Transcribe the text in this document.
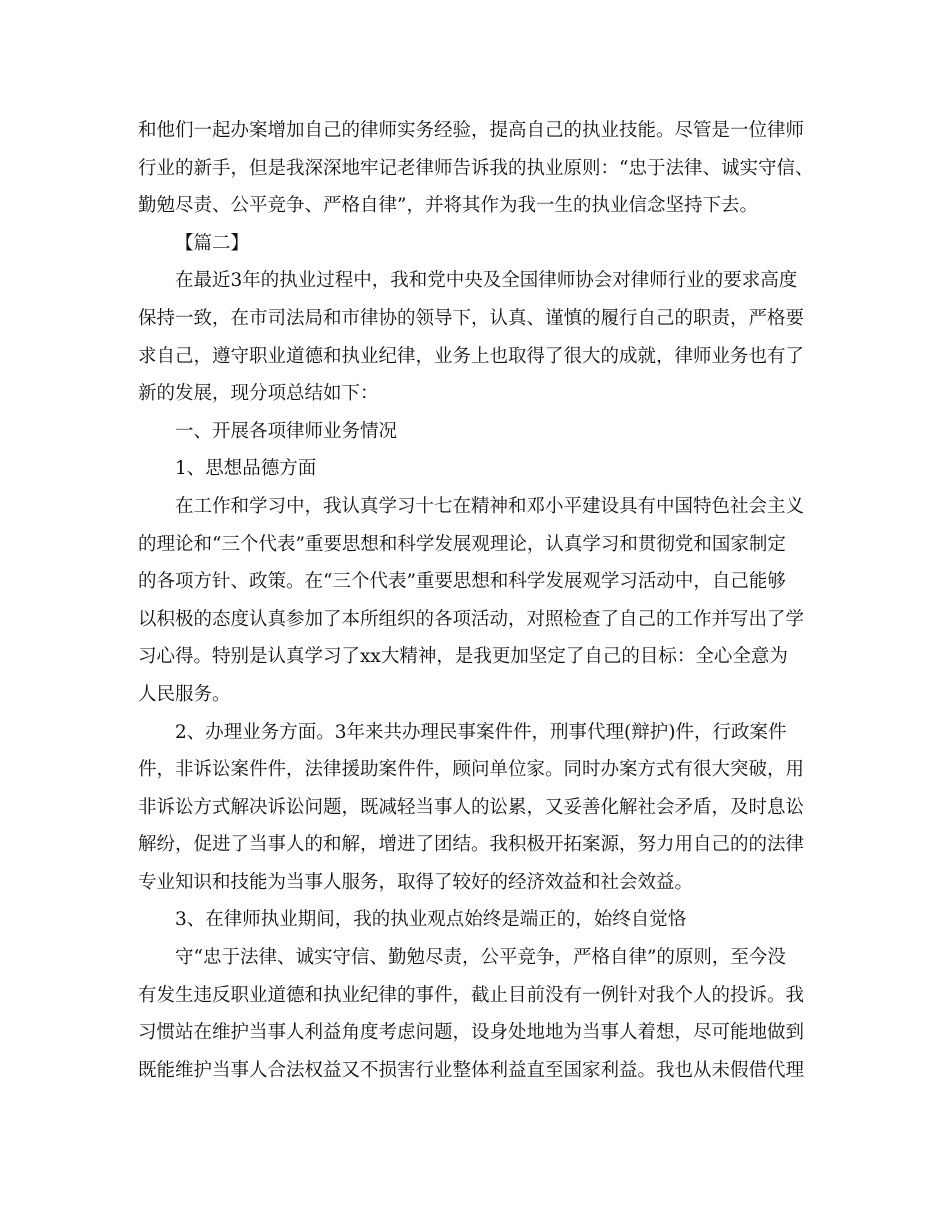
和他们一起办案增加自己的律师实务经验，提高自己的执业技能。尽管是一位律师
行业的新手，但是我深深地牢记老律师告诉我的执业原则：“忠于法律、诚实守信、
勤勉尽责、公平竞争、严格自律”，并将其作为我一生的执业信念坚持下去。
【篇二】
在最近3年的执业过程中，我和党中央及全国律师协会对律师行业的要求高度
保持一致，在市司法局和市律协的领导下，认真、谨慎的履行自己的职责，严格要
求自己，遵守职业道德和执业纪律，业务上也取得了很大的成就，律师业务也有了
新的发展，现分项总结如下：
一、开展各项律师业务情况
1、思想品德方面
在工作和学习中，我认真学习十七在精神和邓小平建设具有中国特色社会主义
的理论和“三个代表”重要思想和科学发展观理论，认真学习和贯彻党和国家制定
的各项方针、政策。在“三个代表”重要思想和科学发展观学习活动中，自己能够
以积极的态度认真参加了本所组织的各项活动，对照检查了自己的工作并写出了学
习心得。特别是认真学习了xx大精神，是我更加坚定了自己的目标：全心全意为
人民服务。
2、办理业务方面。3年来共办理民事案件件，刑事代理(辩护)件，行政案件
件，非诉讼案件件，法律援助案件件，顾问单位家。同时办案方式有很大突破，用
非诉讼方式解决诉讼问题，既减轻当事人的讼累，又妥善化解社会矛盾，及时息讼
解纷，促进了当事人的和解，增进了团结。我积极开拓案源，努力用自己的的法律
专业知识和技能为当事人服务，取得了较好的经济效益和社会效益。
3、在律师执业期间，我的执业观点始终是端正的，始终自觉恪
守“忠于法律、诚实守信、勤勉尽责，公平竞争，严格自律”的原则，至今没
有发生违反职业道德和执业纪律的事件，截止目前没有一例针对我个人的投诉。我
习惯站在维护当事人利益角度考虑问题，设身处地地为当事人着想，尽可能地做到
既能维护当事人合法权益又不损害行业整体利益直至国家利益。我也从未假借代理
